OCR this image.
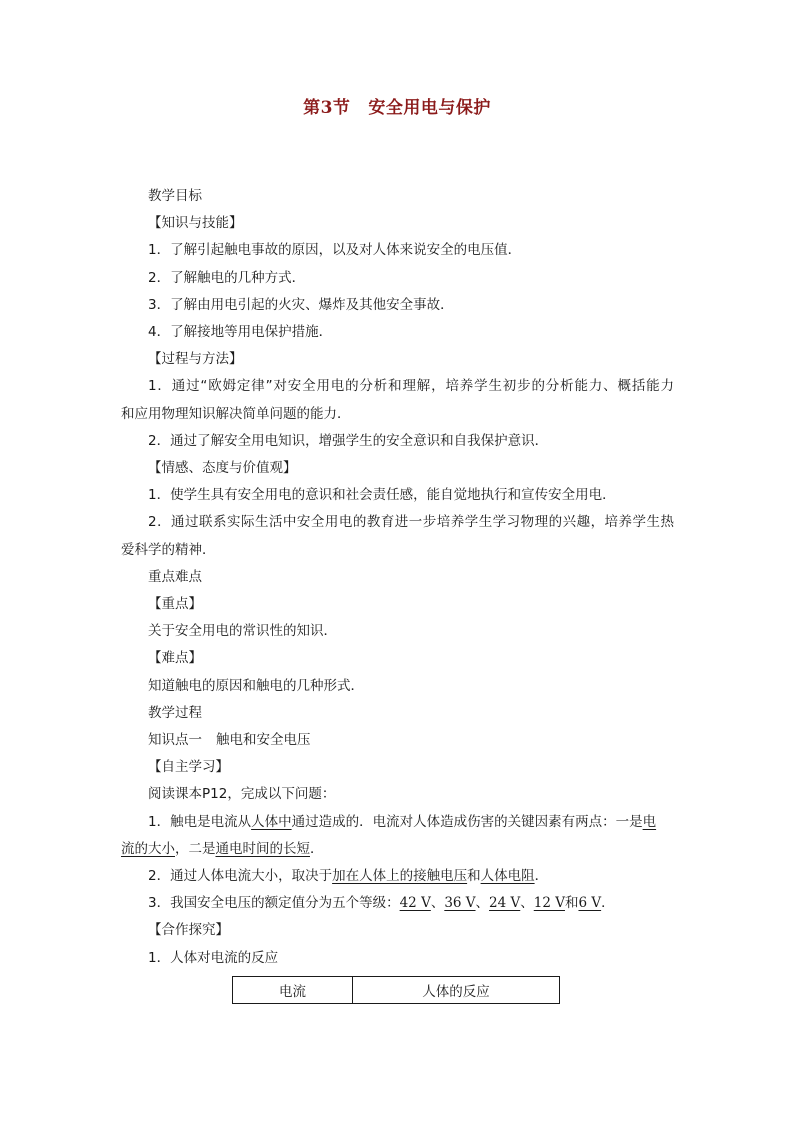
第3节 安全用电与保护

教学目标

【知识与技能】

1．了解引起触电事故的原因，以及对人体来说安全的电压值．

2．了解触电的几种方式．

3．了解由用电引起的火灾、爆炸及其他安全事故．

4．了解接地等用电保护措施．

【过程与方法】

1．通过“欧姆定律”对安全用电的分析和理解，培养学生初步的分析能力、概括能力

和应用物理知识解决简单问题的能力．

2．通过了解安全用电知识，增强学生的安全意识和自我保护意识．

【情感、态度与价值观】

1．使学生具有安全用电的意识和社会责任感，能自觉地执行和宣传安全用电．

2．通过联系实际生活中安全用电的教育进一步培养学生学习物理的兴趣，培养学生热

爱科学的精神．

重点难点

【重点】

关于安全用电的常识性的知识．

【难点】

知道触电的原因和触电的几种形式．

教学过程

知识点一 触电和安全电压

【自主学习】

阅读课本P12，完成以下问题：

1．触电是电流从人体中通过造成的．电流对人体造成伤害的关键因素有两点：一是电

流的大小，二是通电时间的长短．

2．通过人体电流大小，取决于加在人体上的接触电压和人体电阻．

3．我国安全电压的额定值分为五个等级：42 V、36 V、24 V、12 V和6 V．

【合作探究】

1．人体对电流的反应

电流	人体的反应
